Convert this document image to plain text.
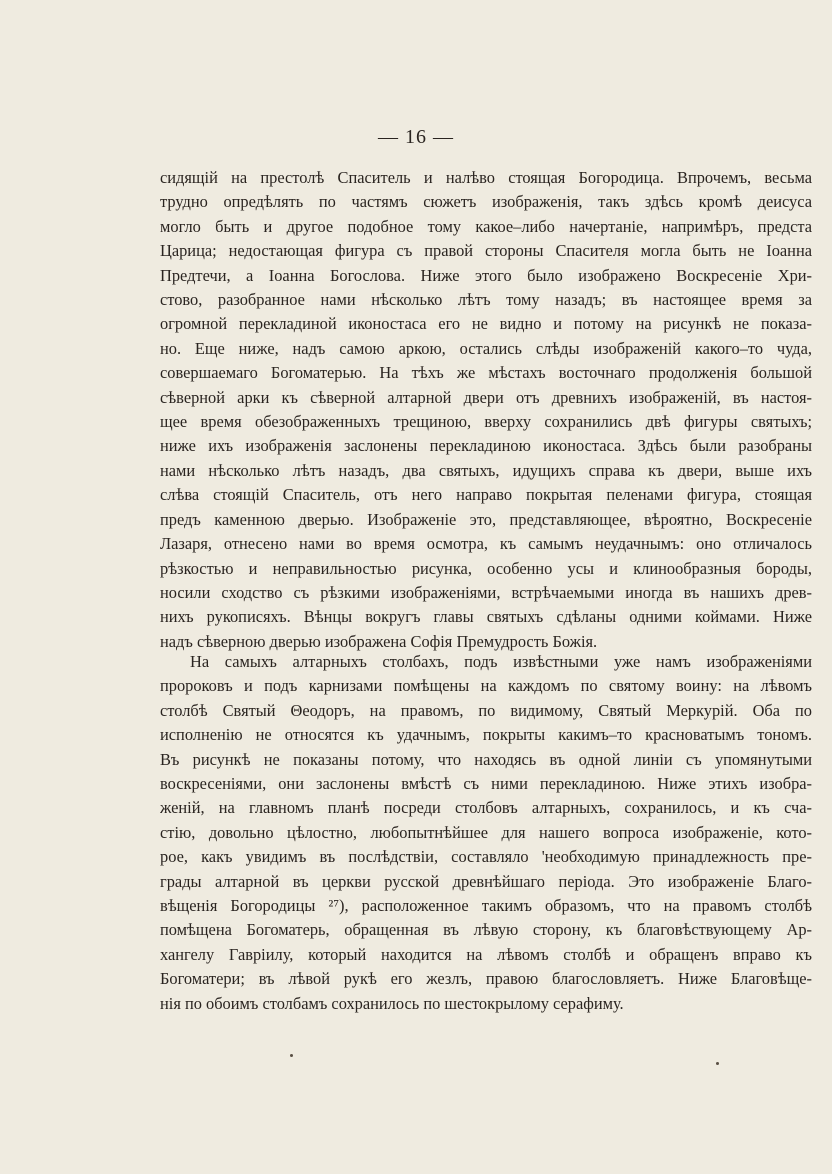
— 16 —
сидящій на престолѣ Спаситель и налѣво стоящая Богородица. Впрочемъ, весьма
трудно опредѣлять по частямъ сюжетъ изображенія, такъ здѣсь кромѣ деисуса
могло быть и другое подобное тому какое–либо начертаніе, напримѣръ, предста
Царица; недостающая фигура съ правой стороны Спасителя могла быть не Іоанна
Предтечи, а Іоанна Богослова. Ниже этого было изображено Воскресеніе Хри-
стово, разобранное нами нѣсколько лѣтъ тому назадъ; въ настоящее время за
огромной перекладиной иконостаса его не видно и потому на рисункѣ не показа-
но. Еще ниже, надъ самою аркою, остались слѣды изображеній какого–то чуда,
совершаемаго Богоматерью. На тѣхъ же мѣстахъ восточнаго продолженія большой
сѣверной арки къ сѣверной алтарной двери отъ древнихъ изображеній, въ настоя-
щее время обезображенныхъ трещиною, вверху сохранились двѣ фигуры святыхъ;
ниже ихъ изображенія заслонены перекладиною иконостаса. Здѣсь были разобраны
нами нѣсколько лѣтъ назадъ, два святыхъ, идущихъ справа къ двери, выше ихъ
слѣва стоящій Спаситель, отъ него направо покрытая пеленами фигура, стоящая
предъ каменною дверью. Изображеніе это, представляющее, вѣроятно, Воскресеніе
Лазаря, отнесено нами во время осмотра, къ самымъ неудачнымъ: оно отличалось
рѣзкостью и неправильностью рисунка, особенно усы и клинообразныя бороды,
носили сходство съ рѣзкими изображеніями, встрѣчаемыми иногда въ нашихъ древ-
нихъ рукописяхъ. Вѣнцы вокругъ главы святыхъ сдѣланы одними коймами. Ниже
надъ сѣверною дверью изображена Софія Премудрость Божія.
На самыхъ алтарныхъ столбахъ, подъ извѣстными уже намъ изображеніями
пророковъ и подъ карнизами помѣщены на каждомъ по святому воину: на лѣвомъ
столбѣ Святый Θеодоръ, на правомъ, по видимому, Святый Меркурій. Оба по
исполненію не относятся къ удачнымъ, покрыты какимъ–то красноватымъ тономъ.
Въ рисункѣ не показаны потому, что находясь въ одной линіи съ упомянутыми
воскресеніями, они заслонены вмѣстѣ съ ними перекладиною. Ниже этихъ изобра-
женій, на главномъ планѣ посреди столбовъ алтарныхъ, сохранилось, и къ сча-
стію, довольно цѣлостно, любопытнѣйшее для нашего вопроса изображеніе, кото-
рое, какъ увидимъ въ послѣдствіи, составляло 'необходимую принадлежность пре-
грады алтарной въ церкви русской древнѣйшаго періода. Это изображеніе Благо-
вѣщенія Богородицы ²⁷), расположенное такимъ образомъ, что на правомъ столбѣ
помѣщена Богоматерь, обращенная въ лѣвую сторону, къ благовѣствующему Ар-
хангелу Гавріилу, который находится на лѣвомъ столбѣ и обращенъ вправо къ
Богоматери; въ лѣвой рукѣ его жезлъ, правою благословляетъ. Ниже Благовѣще-
нія по обоимъ столбамъ сохранилось по шестокрылому серафиму.
